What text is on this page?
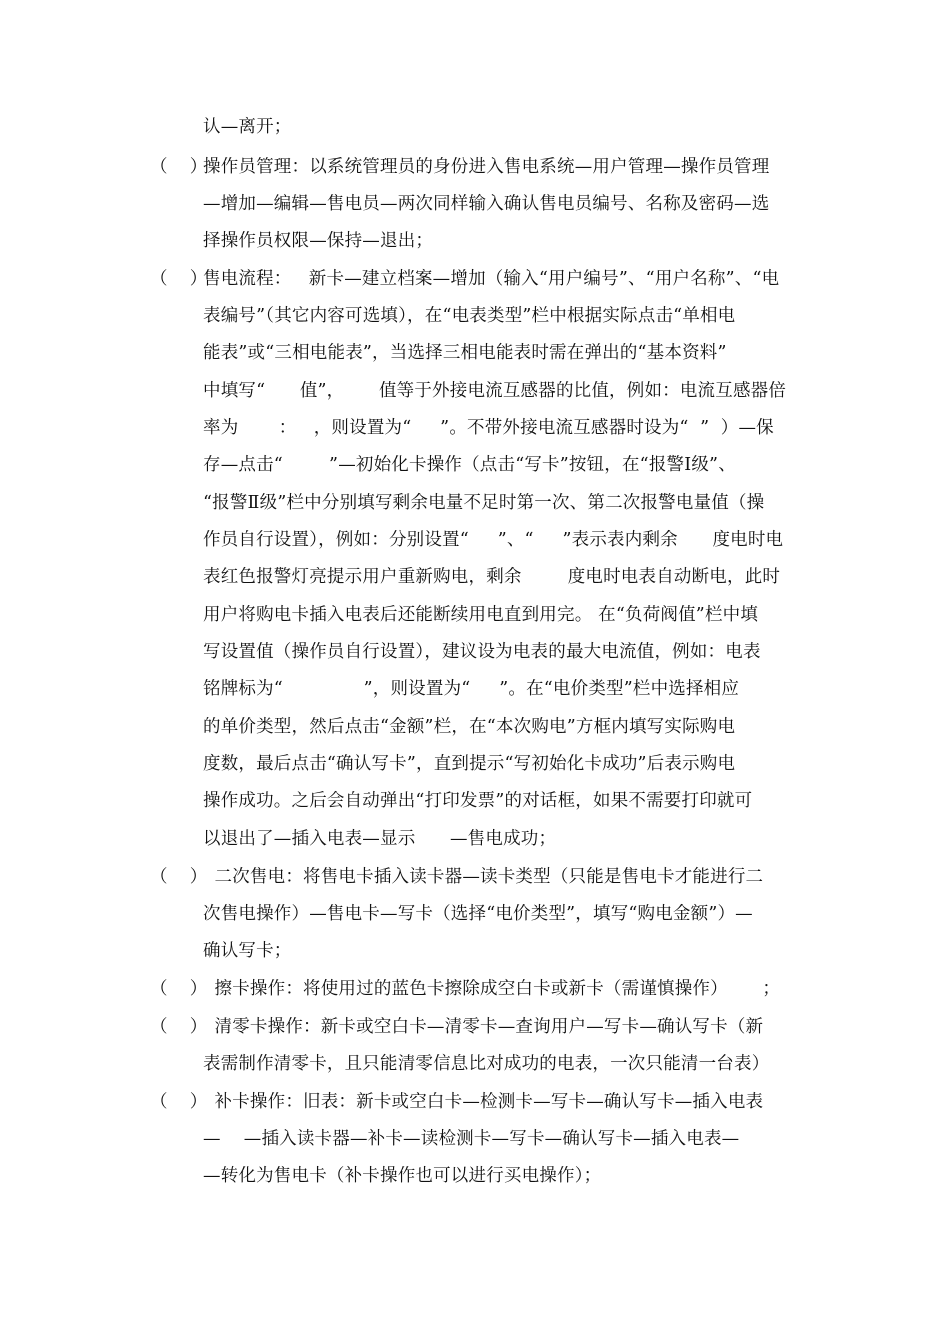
认—离开；
（    ）
操作员管理：以系统管理员的身份进入售电系统—用户管理—操作员管理
—增加—编辑—售电员—两次同样输入确认售电员编号、名称及密码—选
择操作员权限—保持—退出；
（    ）
售电流程：   新卡—建立档案—增加（输入“用户编号”、“用户名称”、“电
表编号”（其它内容可选填），在“电表类型”栏中根据实际点击“单相电
能表”或“三相电能表”，当选择三相电能表时需在弹出的“基本资料”
中填写“      值”，      值等于外接电流互感器的比值，例如：电流互感器倍
率为       ：   ，则设置为“     ”。不带外接电流互感器时设为“  ”  ）—保
存—点击“        ”—初始化卡操作（点击“写卡”按钮，在“报警Ⅰ级”、
“报警Ⅱ级”栏中分别填写剩余电量不足时第一次、第二次报警电量值（操
作员自行设置），例如：分别设置“     ”、“     ”表示表内剩余      度电时电
表红色报警灯亮提示用户重新购电，剩余        度电时电表自动断电，此时
用户将购电卡插入电表后还能断续用电直到用完。 在“负荷阀值”栏中填
写设置值（操作员自行设置），建议设为电表的最大电流值，例如：电表
铭牌标为“              ”，则设置为“     ”。在“电价类型”栏中选择相应
的单价类型，然后点击“金额”栏，在“本次购电”方框内填写实际购电
度数，最后点击“确认写卡”，直到提示“写初始化卡成功”后表示购电
操作成功。之后会自动弹出“打印发票”的对话框，如果不需要打印就可
以退出了—插入电表—显示      —售电成功；
（    ）
二次售电：将售电卡插入读卡器—读卡类型（只能是售电卡才能进行二
次售电操作）—售电卡—写卡（选择“电价类型”，填写“购电金额”）—
确认写卡；
（    ）
擦卡操作：将使用过的蓝色卡擦除成空白卡或新卡（需谨慎操作）      ；
（    ）
清零卡操作：新卡或空白卡—清零卡—查询用户—写卡—确认写卡（新
表需制作清零卡，且只能清零信息比对成功的电表，一次只能清一台表）
（    ）
补卡操作：旧表：新卡或空白卡—检测卡—写卡—确认写卡—插入电表
—    —插入读卡器—补卡—读检测卡—写卡—确认写卡—插入电表—
—转化为售电卡（补卡操作也可以进行买电操作）；
